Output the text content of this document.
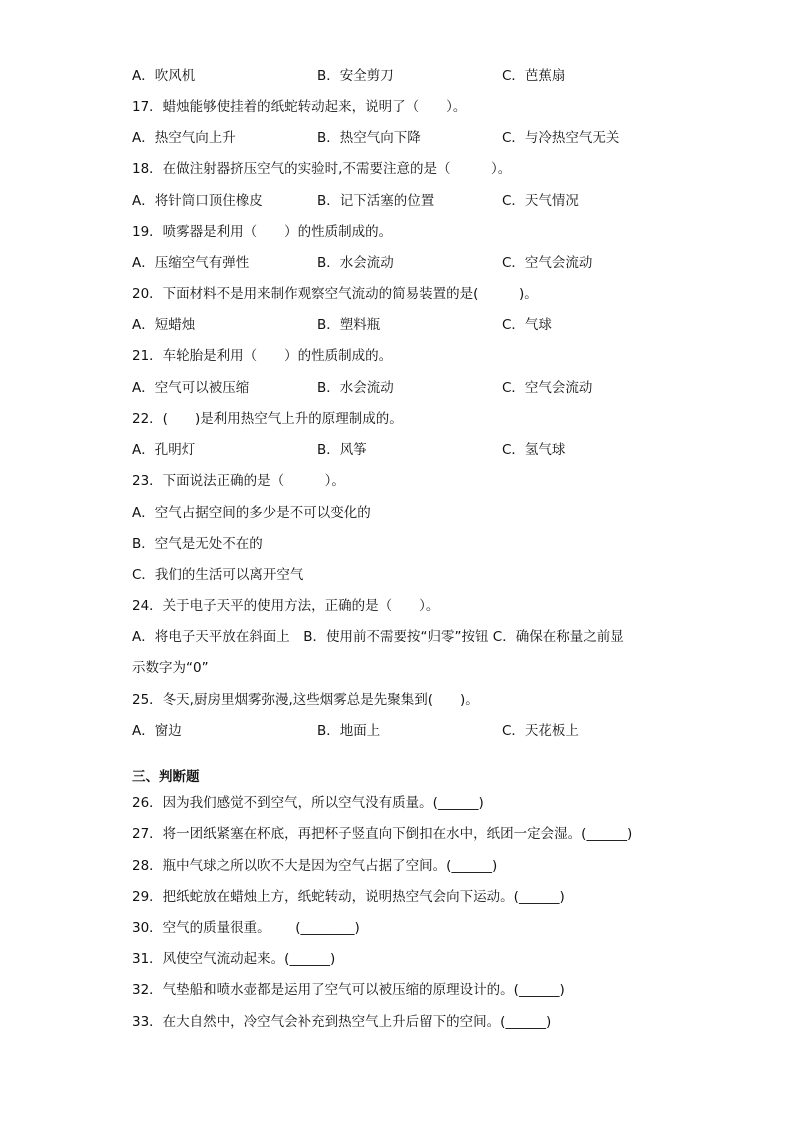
A．吹风机	B．安全剪刀	C．芭蕉扇
17．蜡烛能够使挂着的纸蛇转动起来，说明了（　　）。
A．热空气向上升	B．热空气向下降	C．与冷热空气无关
18．在做注射器挤压空气的实验时,不需要注意的是（　　　）。
A．将针筒口顶住橡皮	B．记下活塞的位置	C．天气情况
19．喷雾器是利用（　　）的性质制成的。
A．压缩空气有弹性	B．水会流动	C．空气会流动
20．下面材料不是用来制作观察空气流动的简易装置的是(　　　)。
A．短蜡烛	B．塑料瓶	C．气球
21．车轮胎是利用（　　）的性质制成的。
A．空气可以被压缩	B．水会流动	C．空气会流动
22．(　　)是利用热空气上升的原理制成的。
A．孔明灯	B．风筝	C．氢气球
23．下面说法正确的是（　　　）。
A．空气占据空间的多少是不可以变化的
B．空气是无处不在的
C．我们的生活可以离开空气
24．关于电子天平的使用方法，正确的是（　　）。
A．将电子天平放在斜面上　B．使用前不需要按“归零”按钮 C．确保在称量之前显
示数字为“0”
25．冬天,厨房里烟雾弥漫,这些烟雾总是先聚集到(　　)。
A．窗边	B．地面上	C．天花板上
三、判断题
26．因为我们感觉不到空气，所以空气没有质量。(______)
27．将一团纸紧塞在杯底，再把杯子竖直向下倒扣在水中，纸团一定会湿。(______)
28．瓶中气球之所以吹不大是因为空气占据了空间。(______)
29．把纸蛇放在蜡烛上方，纸蛇转动，说明热空气会向下运动。(______)
30．空气的质量很重。　　 (________)
31．风使空气流动起来。(______)
32．气垫船和喷水壶都是运用了空气可以被压缩的原理设计的。(______)
33．在大自然中，冷空气会补充到热空气上升后留下的空间。(______)
